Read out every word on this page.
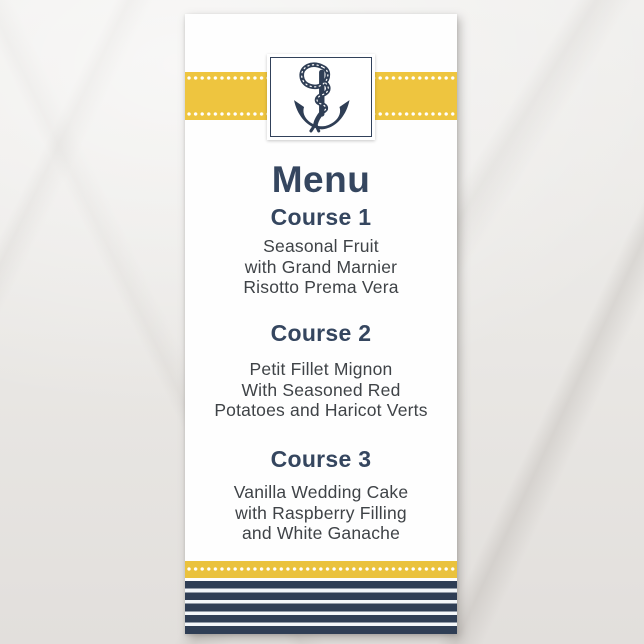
Menu
Course 1
Seasonal Fruit
with Grand Marnier
Risotto Prema Vera
Course 2
Petit Fillet Mignon
With Seasoned Red
Potatoes and Haricot Verts
Course 3
Vanilla Wedding Cake
with Raspberry Filling
and White Ganache
